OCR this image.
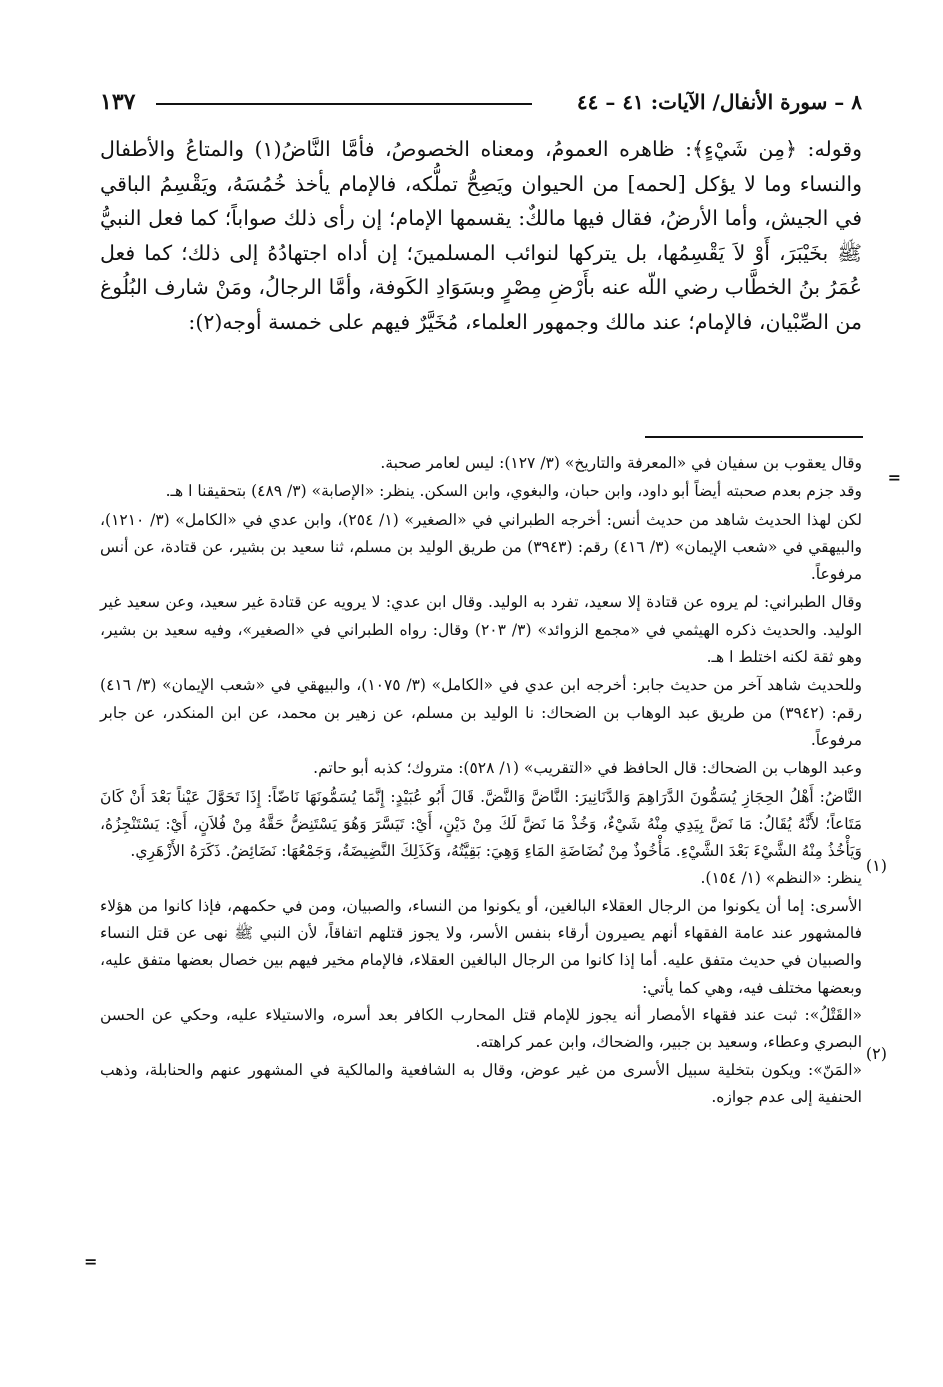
٨ – سورة الأنفال/ الآيات: ٤١ – ٤٤
١٣٧

وقوله: ﴿مِن شَيْءٍ﴾: ظاهره العمومُ، ومعناه الخصوصُ، فأمَّا النَّاضُ(١) والمتاعُ والأطفال والنساء وما لا يؤكل [لحمه] من الحيوان ويَصِحُّ تملُّكه، فالإمام يأخذ خُمُسَهُ، ويَقْسِمُ الباقي في الجيش، وأما الأرضُ، فقال فيها مالكٌ: يقسمها الإمام؛ إن رأى ذلك صواباً؛ كما فعل النبيُّ ﷺ بخَيْبَرَ، أَوْ لاَ يَقْسِمُها، بل يتركها لنوائب المسلمينَ؛ إن أداه اجتهادُهُ إلى ذلك؛ كما فعل عُمَرُ بنُ الخطَّاب رضي اللّه عنه بأَرْضِ مِصْرٍ وبسَوَادِ الكَوفة، وأمَّا الرجالُ، ومَنْ شارف البُلُوغ من الصِّبْيان، فالإمام؛ عند مالك وجمهور العلماء، مُخَيَّرٌ فيهم على خمسة أوجه(٢):

=

وقال يعقوب بن سفيان في «المعرفة والتاريخ» (٣/ ١٢٧): ليس لعامر صحبة.

وقد جزم بعدم صحبته أيضاً أبو داود، وابن حبان، والبغوي، وابن السكن. ينظر: «الإصابة» (٣/ ٤٨٩) بتحقيقنا ا هـ.

لكن لهذا الحديث شاهد من حديث أنس: أخرجه الطبراني في «الصغير» (١/ ٢٥٤)، وابن عدي في «الكامل» (٣/ ١٢١٠)، والبيهقي في «شعب الإيمان» (٣/ ٤١٦) رقم: (٣٩٤٣) من طريق الوليد بن مسلم، ثنا سعيد بن بشير، عن قتادة، عن أنس مرفوعاً.

وقال الطبراني: لم يروه عن قتادة إلا سعيد، تفرد به الوليد. وقال ابن عدي: لا يرويه عن قتادة غير سعيد، وعن سعيد غير الوليد. والحديث ذكره الهيثمي في «مجمع الزوائد» (٣/ ٢٠٣) وقال: رواه الطبراني في «الصغير»، وفيه سعيد بن بشير، وهو ثقة لكنه اختلط ا هـ.

وللحديث شاهد آخر من حديث جابر: أخرجه ابن عدي في «الكامل» (٣/ ١٠٧٥)، والبيهقي في «شعب الإيمان» (٣/ ٤١٦) رقم: (٣٩٤٢) من طريق عبد الوهاب بن الضحاك: نا الوليد بن مسلم، عن زهير بن محمد، عن ابن المنكدر، عن جابر مرفوعاً.

وعبد الوهاب بن الضحاك: قال الحافظ في «التقريب» (١/ ٥٢٨): متروك؛ كذبه أبو حاتم.

النَّاضُ: أَهْلُ الحِجَازِ يُسَمُّونَ الدَّرَاهِمَ وَالدَّنَانِيرَ: النَّاضَّ وَالنَّضَّ. قَالَ أَبُو عُبَيْدٍ: إِنَّمَا يُسَمُّونَهَا نَاضّاً: إِذَا تَحَوَّلَ عَيْناً بَعْدَ أَنْ كَانَ مَتَاعاً؛ لأَنَّهُ يُقَالُ: مَا نَضَّ بِيَدِي مِنْهُ شَيْءٌ، وَخُذْ مَا نَضَّ لَكَ مِنْ دَيْنٍ، أَيْ: تَيَسَّرَ وَهُوَ يَسْتَنِضُّ حَقَّهُ مِنْ فُلاَنٍ، أَيْ: يَسْتَنْجِزُهُ، وَيَأْخُذُ مِنْهُ الشَّيْءَ بَعْدَ الشَّيْءِ. مَأْخُوذٌ مِنْ نُضَاضَةِ المَاءِ وَهِيَ: بَقِيَّتُهُ، وَكَذَلِكَ النَّضِيضَةُ، وَجَمْعُهَا: نَضَائِضُ. ذَكَرَهُ الأَزْهَرِي.

ينظر: «النظم» (١/ ١٥٤).

الأسرى: إما أن يكونوا من الرجال العقلاء البالغين، أو يكونوا من النساء، والصبيان، ومن في حكمهم، فإذا كانوا من هؤلاء فالمشهور عند عامة الفقهاء أنهم يصيرون أرقاء بنفس الأسر، ولا يجوز قتلهم اتفاقاً، لأن النبي ﷺ نهى عن قتل النساء والصبيان في حديث متفق عليه. أما إذا كانوا من الرجال البالغين العقلاء، فالإمام مخير فيهم بين خصال بعضها متفق عليه، وبعضها مختلف فيه، وهي كما يأتي:

«القَتْلُ»: ثبت عند فقهاء الأمصار أنه يجوز للإمام قتل المحارب الكافر بعد أسره، والاستيلاء عليه، وحكي عن الحسن البصري وعطاء، وسعيد بن جبير، والضحاك، وابن عمر كراهته.

«المَنّ»: ويكون بتخلية سبيل الأسرى من غير عوض، وقال به الشافعية والمالكية في المشهور عنهم والحنابلة، وذهب الحنفية إلى عدم جوازه.

(١)
(٢)
=
